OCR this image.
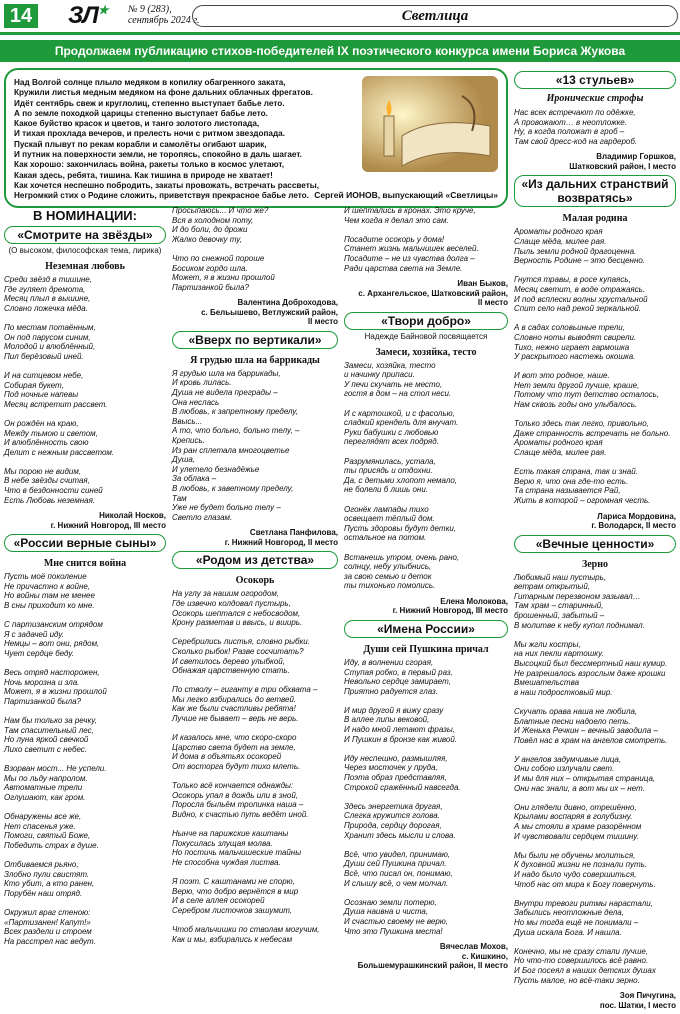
14 ЗЛ★ № 9 (283),
сентябрь 2024 г.	Светлица
Продолжаем публикацию стихов-победителей IX поэтического конкурса имени Бориса Жукова
Над Волгой солнце плыло медяком в копилку обагренного заката,
Кружили листья медным медяком на фоне дальних облачных фрегатов.
Идёт сентябрь свеж и круглолиц, степенно выступает бабье лето.
А по земле походкой царицы степенно выступает бабье лето.
Какое буйство красок и цветов, и танго золотого листопада,
И тихая прохлада вечеров, и прелесть ночи с ритмом звездопада.
Пускай плывут по рекам корабли и самолёты огибают шарик,
И путник на поверхности земли, не торопясь, спокойно в даль шагает.
Как хорошо: закончилась война, ракеты только в космос улетают,
Какая здесь, ребята, тишина. Как тишина в природе не хватает!
Как хочется неспешно побродить, закаты провожать, встречать рассветы,
Негромкий стих о Родине сложить, приветствуя прекрасное бабье лето. Сергей ИОНОВ, выпускающий «Светлицы»
В НОМИНАЦИИ:
«Смотрите на звёзды»
(О высоком, философская тема, лирика)
Неземная любовь
Среди звёзд в тишине,
Где гуляет дремота,
Месяц плыл в вышине,
Словно ложечка мёда.

По местам потаённым,
Он под парусом синим,
Молодой и влюблённый,
Пил берёзовый иней.

И на ситцевом небе,
Собирая букет,
Под ночные напевы
Месяц встретит рассвет.

Он рождён на краю,
Между тьмою и светом,
И влюблённость свою
Делит с нежным рассветом.

Мы порою не видим,
В небе звёзды считая,
Что в бездонности синей
Есть Любовь неземная.
Николай Носков,
г. Нижний Новгород, III место
«России верные сыны»
Мне снится война
Пусть моё поколение
Не причастно к войне,
Но войны там не менее
В сны приходит ко мне.

С партизанским отрядом
Я с задачей иду.
Немцы – вот они, рядом,
Чует сердце беду.

Весь отряд насторожен,
Ночь морозна и зла.
Может, я в жизни прошлой
Партизанкой была?

Нам бы только за речку,
Там спасительный лес,
Но луна яркой свечкой
Лихо светит с небес.

Взорван мост... Не успели.
Мы по льду напролом.
Автоматные трели
Оглушают, как гром.

Обнаружены все же,
Нет спасенья уже.
Помоги, святый Боже,
Победить страх в душе.

Отбиваемся рьяно,
Злобно пули свистят.
Кто убит, а кто ранен,
Порубён наш отряд.

Окружил враг стеною:
«Партизанен! Капут!»
Всех раздели и строем
На расстрел нас ведут.
Просыпаюсь... И что же?
Вся в холодном поту,
И до боли, до дрожи
Жалко девочку ту,

Что по снежной пороше
Босиком гордо шла.
Может, я в жизни прошлой
Партизанкой была?
Валентина Доброходова,
с. Бельышево, Ветлужский район,
II место
«Вверх по вертикали»
Я грудью шла на баррикады
Я грудью шла на баррикады,
И кровь лилась.
Душа не видела преграды –
Она неслась
В любовь, к запретному пределу,
Ввысь...
А то, что больно, больно телу, –
Крепись.
Из ран сплетала многоцветье
Душа,
И улетело безнадёжье
За облака –
В любовь, к заветному пределу,
Там
Уже не будет больно телу –
Светло глазам.
Светлана Панфилова,
г. Нижний Новгород, II место
«Родом из детства»
Осокорь
На углу за нашим огородом,
Где извечно колдовал пустырь,
Осокорь шептался с небосводом,
Крону разметав и ввысь, и вширь.

Серебрились листья, словно рыбки.
Сколько рыбок! Разве сосчитать?
И светилось дерево улыбкой,
Обнажая царственную стать.

По стволу – гиганту в три обхвата –
Мы легко взбирались до ветвей.
Как же были счастливы ребята!
Лучше не бывает – верь не верь.

И казалось мне, что скоро-скоро
Царство света будет на земле,
И дома в объятьях осокорей
От восторга будут тихо млеть.

Только всё кончается однажды:
Осокорь упал в дождь или в зной,
Поросла быльём тропинка наша –
Видно, к счастью путь ведёт иной.

Нынче на парижские каштаны
Покусилась злущая молва.
Но постичь мальчишеские тайны
Не способна чуждая листва.

Я поэт. С каштанами не спорю,
Верю, что добро вернётся в мир
И в селе аллея осокорей
Серебром листочков зашумит,

Чтоб мальчишки по стволам могучим,
Как и мы, взбирались к небесам
И шептались в кронах. Это круче,
Чем когда я делал это сам.

Посадите осокорь у дома!
Станет жизнь мальчишек веселей.
Посадите – не из чувства долга –
Ради царства света на Земле.
Иван Быков,
с. Архангельское, Шатковский район,
II место
«Твори добро»
Надежде Байновой посвящается
Замеси, хозяйка, тесто
Замеси, хозяйка, тесто
и начинку припаси.
У печи скучать не место,
гостя в дом – на стол неси.

И с картошкой, и с фасолью,
сладкий крендель для внучат.
Руки бабушки с любовью
переглядят всех подряд.

Разрумянилась, устала,
ты присядь и отдохни.
Да, с детьми хлопот немало,
не болели б лишь они.

Огонёк лампады тихо
освещает тёплый дом.
Пусть здоровы будут детки,
остальное на потом.

Встанешь утром, очень рано,
солнцу, небу улыбнись,
за свою семью и деток
ты тихонько помолись.
Елена Молокова,
г. Нижний Новгород, III место
«Имена России»
Души сей Пушкина причал
Иду, в волнении сгорая,
Ступая робко, в первый раз,
Невольно сердце замирает,
Приятно радуется глаз.

И мир другой я вижу сразу
В аллее липы вековой,
И надо мной летают фразы,
И Пушкин в бронзе как живой.

Иду неспешно, размышляя,
Через мосточек у пруда,
Поэта образ представляя,
Строкой сражённый навсегда.

Здесь энергетика другая,
Слегка кружится голова.
Природа, сердцу дорогая,
Хранит здесь мысли и слова.

Всё, что увидел, принимаю,
Души сей Пушкина причал.
Всё, что писал он, понимаю,
И слышу всё, о чем молчал.

Осознаю земли потерю,
Душа наивна и чиста,
И счастью своему не верю,
Что это Пушкина места!
Вячеслав Мохов,
с. Кишкино,
Большемурашкинский район, II место
«13 стульев»
Иронические строфы
Нас всех встречают по одёжке,
А провожают… в неотложке.
Ну, а когда положат в гроб –
Там свой дресс-код на гардероб.
Владимир Горшков,
Шатковский район, I место
«Из дальних странствий возвратясь»
Малая родина
Ароматы родного края
Слаще мёда, милее рая.
Пыль земли родной драгоценна.
Верность Родине – это бесценно.

Гнутся травы, в росе купаясь,
Месяц светит, в воде отражаясь.
И под всплески волны хрустальной
Спит село над рекой зеркальной.

А в садах соловьиные трели,
Словно ноты выводят свирели.
Тихо, нежно играет гармошка
У раскрытого настежь окошка.

И вот это родное, наше.
Нет земли другой лучше, краше,
Потому что тут детство осталось,
Нам сквозь годы оно улыбалось.

Только здесь так легко, привольно,
Даже странность встречать не больно.
Ароматы родного края
Слаще мёда, милее рая.

Есть такая страна, так и знай.
Верю я, что она где-то есть.
Та страна называется Рай,
Жить в которой – огромная честь.
Лариса Мордовина,
г. Володарск, II место
«Вечные ценности»
Зерно
Любимый наш пустырь,
ветрам открытый,
Гитарным перезвоном зазывал…
Там храм – старинный,
брошенный, забытый –
В молитве к небу купол поднимал.

Мы жгли костры,
на них пекли картошку.
Высоцкий был бессмертный наш кумир.
Не разрешалось взрослым даже крошки
Вмешательства
в наш подростковый мир.

Скучать орава наша не любила,
Блатные песни надоело петь.
И Женька Речкин – вечный заводила –
Повёл нас в храм на ангелов смотреть.

У ангелов задумчивые лица,
Они собою излучали свет.
И мы для них – открытая страница,
Они нас знали, а вот мы их – нет.

Они глядели дивно, отрешённо,
Крылами воспаряя в голубизну.
А мы стояли в храме разорённом
И чувствовали сердцем тишину.

Мы были не обучены молиться,
К духовной жизни не познали путь.
И надо было чудо совершиться,
Чтоб нас от мира к Богу повернуть.

Внутри тревоги ритмы нарастали,
Забылись неотложные дела,
Но мы тогда ещё не понимали –
Душа искала Бога. И нашла.

Конечно, мы не сразу стали лучше,
Но что-то совершилось всё равно.
И Бог посеял в наших детских душах
Пусть малое, но всё-таки зерно.
Зоя Пичугина,
пос. Шатки, I место
